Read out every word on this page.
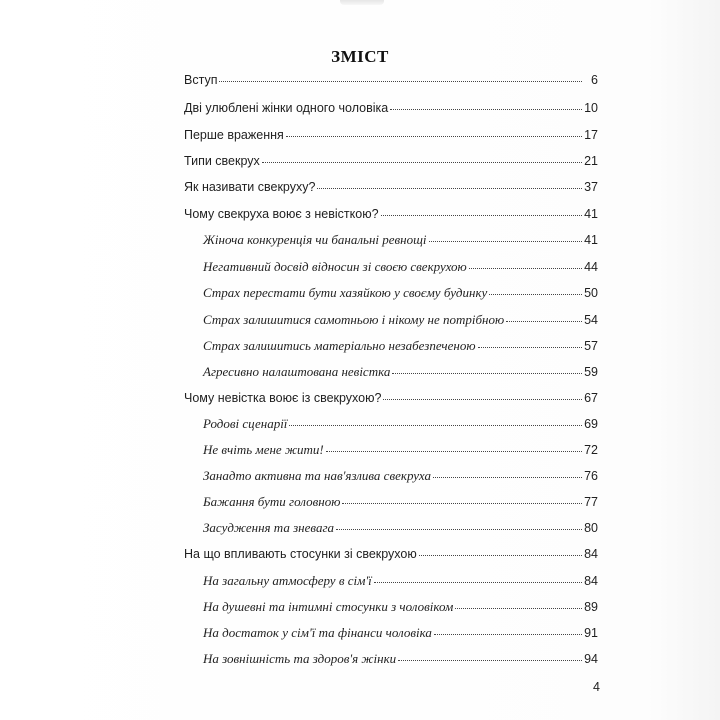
ЗМІСТ
Вступ	6
Дві улюблені жінки одного чоловіка	10
Перше враження	17
Типи свекрух	21
Як називати свекруху?	37
Чому свекруха воює з невісткою?	41
Жіноча конкуренція чи банальні ревнощі	41
Негативний досвід відносин зі своєю свекрухою	44
Страх перестати бути хазяйкою у своєму будинку	50
Страх залишитися самотньою і нікому не потрібною	54
Страх залишитись матеріально незабезпеченою	57
Агресивно налаштована невістка	59
Чому невістка воює із свекрухою?	67
Родові сценарії	69
Не вчіть мене жити!	72
Занадто активна та нав'язлива свекруха	76
Бажання бути головною	77
Засудження та зневага	80
На що впливають стосунки зі свекрухою	84
На загальну атмосферу в сім'ї	84
На душевні та інтимні стосунки з чоловіком	89
На достаток у сім'ї та фінанси чоловіка	91
На зовнішність та здоров'я жінки	94
4
